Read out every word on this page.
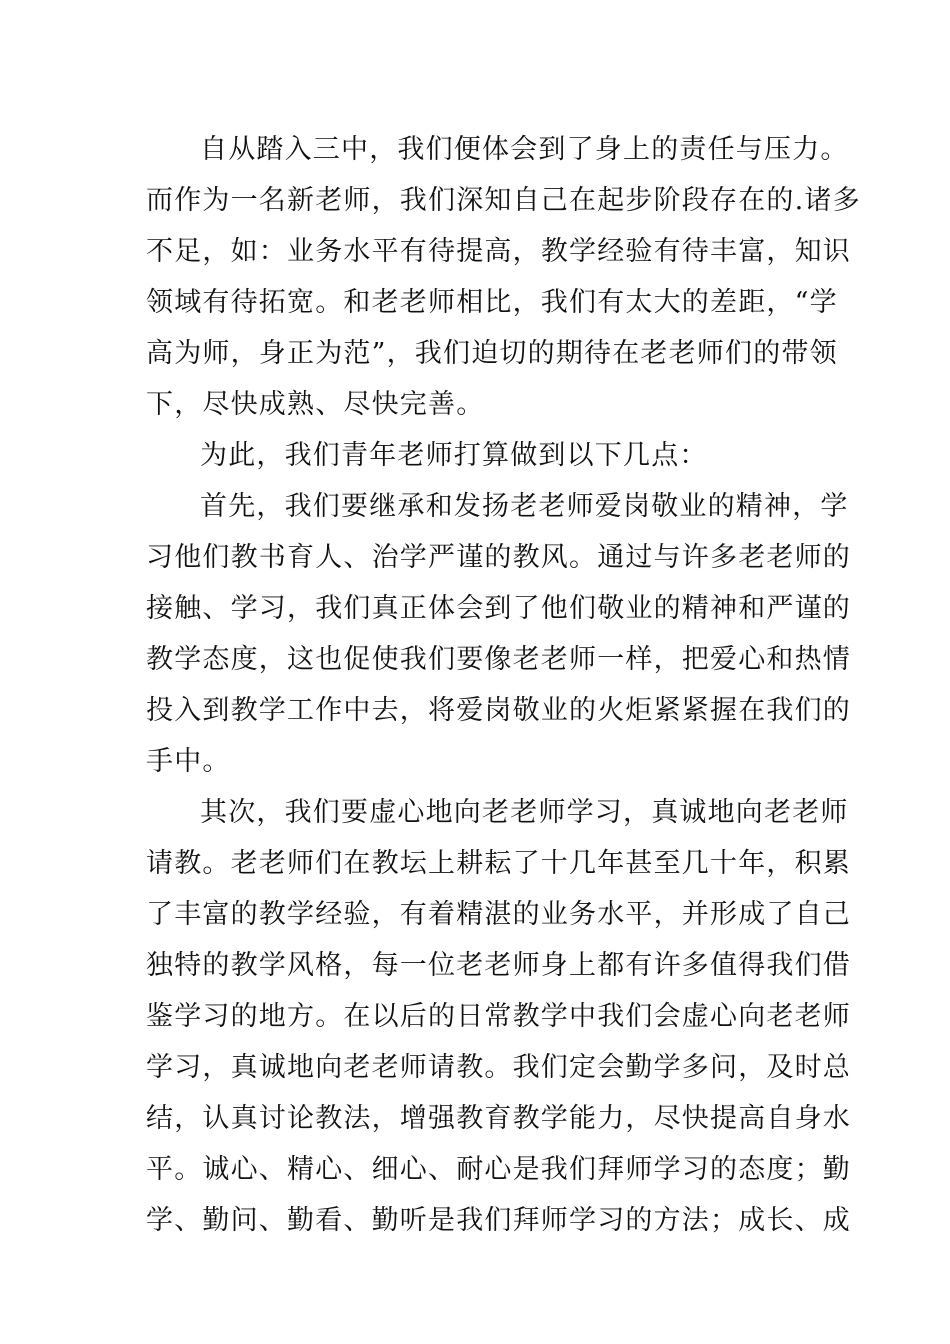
自从踏入三中，我们便体会到了身上的责任与压力。
而作为一名新老师，我们深知自己在起步阶段存在的.诸多
不足，如：业务水平有待提高，教学经验有待丰富，知识
领域有待拓宽。和老老师相比，我们有太大的差距，“学
高为师，身正为范”，我们迫切的期待在老老师们的带领
下，尽快成熟、尽快完善。
为此，我们青年老师打算做到以下几点：
首先，我们要继承和发扬老老师爱岗敬业的精神，学
习他们教书育人、治学严谨的教风。通过与许多老老师的
接触、学习，我们真正体会到了他们敬业的精神和严谨的
教学态度，这也促使我们要像老老师一样，把爱心和热情
投入到教学工作中去，将爱岗敬业的火炬紧紧握在我们的
手中。
其次，我们要虚心地向老老师学习，真诚地向老老师
请教。老老师们在教坛上耕耘了十几年甚至几十年，积累
了丰富的教学经验，有着精湛的业务水平，并形成了自己
独特的教学风格，每一位老老师身上都有许多值得我们借
鉴学习的地方。在以后的日常教学中我们会虚心向老老师
学习，真诚地向老老师请教。我们定会勤学多问，及时总
结，认真讨论教法，增强教育教学能力，尽快提高自身水
平。诚心、精心、细心、耐心是我们拜师学习的态度；勤
学、勤问、勤看、勤听是我们拜师学习的方法；成长、成
